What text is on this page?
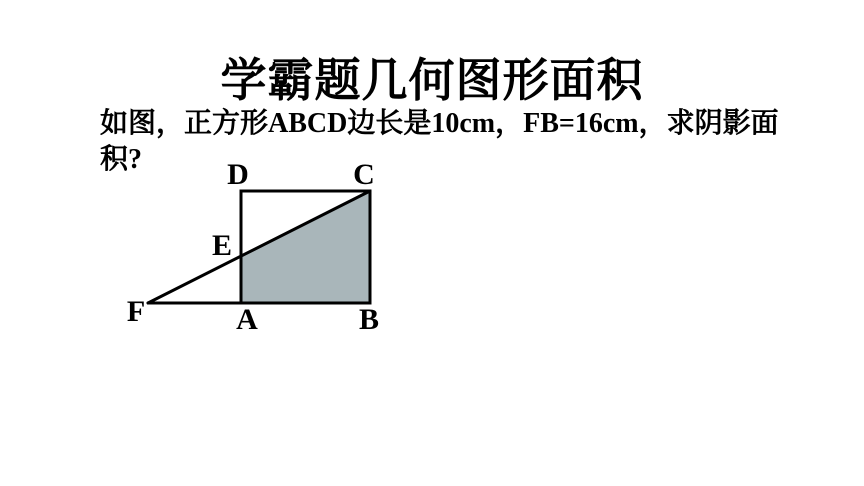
学霸题几何图形面积
如图，正方形ABCD边长是10cm，FB=16cm，求阴影面
积?	D	C
E
F	A	B
